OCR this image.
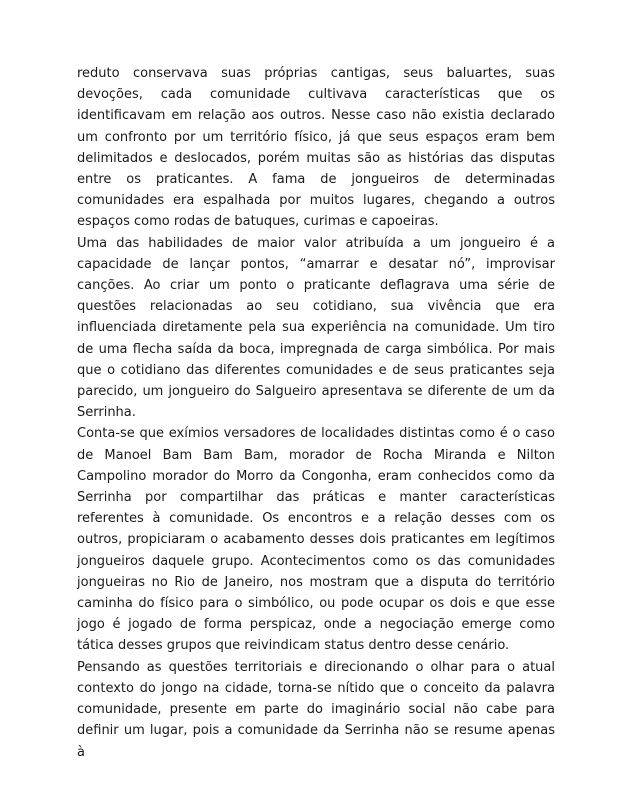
reduto conservava suas próprias cantigas, seus baluartes, suas devoções, cada comunidade cultivava características que os identificavam em relação aos outros. Nesse caso não existia declarado um confronto por um território físico, já que seus espaços eram bem delimitados e deslocados, porém muitas são as histórias das disputas entre os praticantes. A fama de jongueiros de determinadas comunidades era espalhada por muitos lugares, chegando a outros espaços como rodas de batuques, curimas e capoeiras.

Uma das habilidades de maior valor atribuída a um jongueiro é a capacidade de lançar pontos, “amarrar e desatar nó”, improvisar canções. Ao criar um ponto o praticante deflagrava uma série de questões relacionadas ao seu cotidiano, sua vivência que era influenciada diretamente pela sua experiência na comunidade. Um tiro de uma flecha saída da boca, impregnada de carga simbólica. Por mais que o cotidiano das diferentes comunidades e de seus praticantes seja parecido, um jongueiro do Salgueiro apresentava se diferente de um da Serrinha.

Conta-se que exímios versadores de localidades distintas como é o caso de Manoel Bam Bam Bam, morador de Rocha Miranda e Nilton Campolino morador do Morro da Congonha, eram conhecidos como da Serrinha por compartilhar das práticas e manter características referentes à comunidade. Os encontros e a relação desses com os outros, propiciaram o acabamento desses dois praticantes em legítimos jongueiros daquele grupo. Acontecimentos como os das comunidades jongueiras no Rio de Janeiro, nos mostram que a disputa do território caminha do físico para o simbólico, ou pode ocupar os dois e que esse jogo é jogado de forma perspicaz, onde a negociação emerge como tática desses grupos que reivindicam status dentro desse cenário.

Pensando as questões territoriais e direcionando o olhar para o atual contexto do jongo na cidade, torna-se nítido que o conceito da palavra comunidade, presente em parte do imaginário social não cabe para definir um lugar, pois a comunidade da Serrinha não se resume apenas à
